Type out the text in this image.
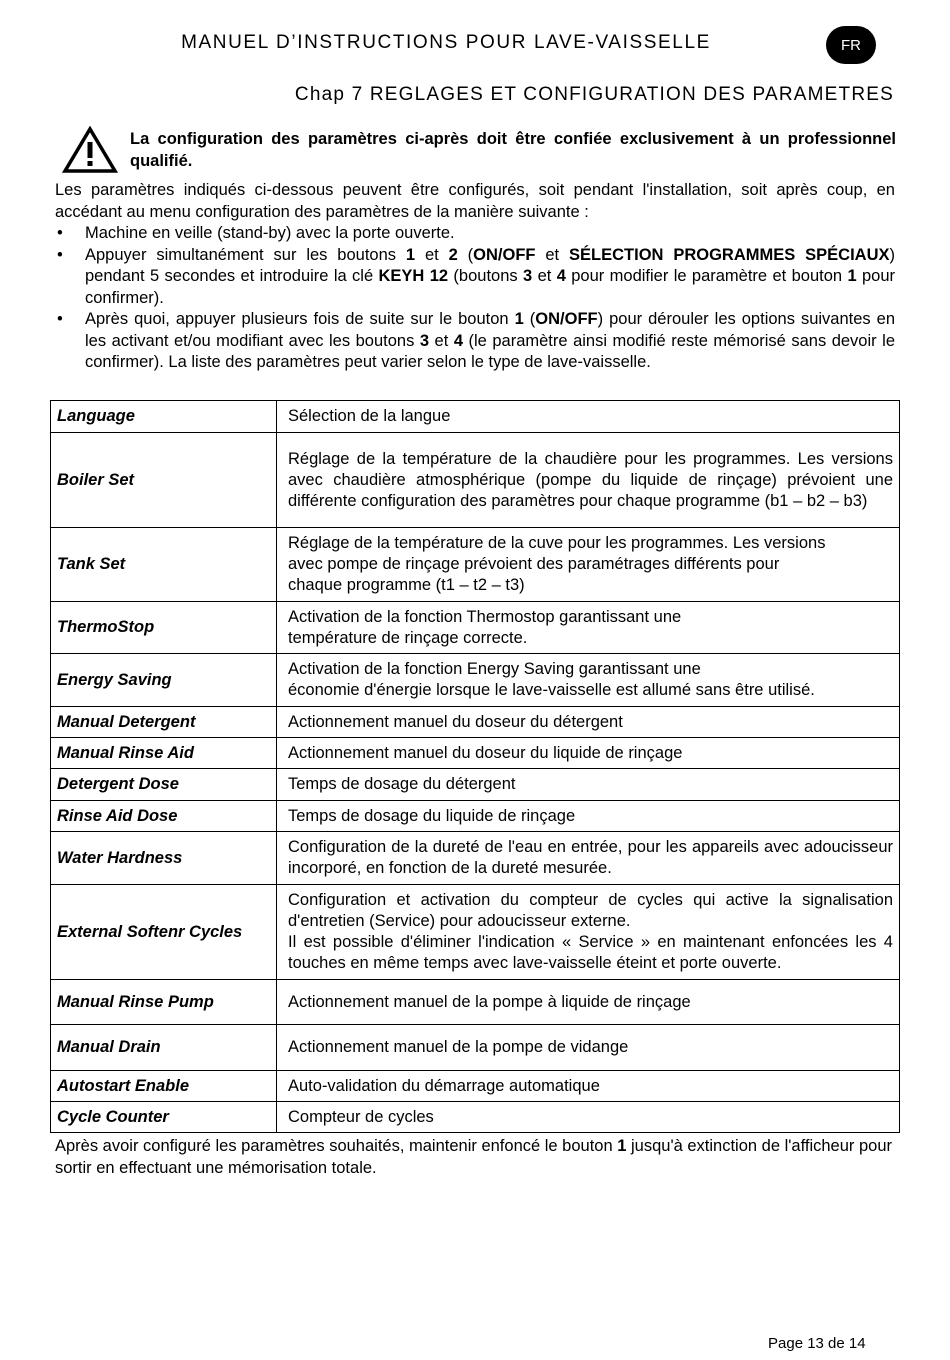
MANUEL D’INSTRUCTIONS POUR LAVE-VAISSELLE	FR
Chap 7 REGLAGES ET CONFIGURATION DES PARAMETRES
La configuration des paramètres ci-après doit être confiée exclusivement à un professionnel qualifié.

Les paramètres indiqués ci-dessous peuvent être configurés, soit pendant l'installation, soit après coup, en accédant au menu configuration des paramètres de la manière suivante :

• Machine en veille (stand-by) avec la porte ouverte.
• Appuyer simultanément sur les boutons 1 et 2 (ON/OFF et SÉLECTION PROGRAMMES SPÉCIAUX) pendant 5 secondes et introduire la clé KEYH 12 (boutons 3 et 4 pour modifier le paramètre et bouton 1 pour confirmer).
• Après quoi, appuyer plusieurs fois de suite sur le bouton 1 (ON/OFF) pour dérouler les options suivantes en les activant et/ou modifiant avec les boutons 3 et 4 (le paramètre ainsi modifié reste mémorisé sans devoir le confirmer). La liste des paramètres peut varier selon le type de lave-vaisselle.
Language	Sélection de la langue

Boiler Set	Réglage de la température de la chaudière pour les programmes. Les versions avec chaudière atmosphérique (pompe du liquide de rinçage) prévoient une différente configuration des paramètres pour chaque programme (b1 – b2 – b3)

Tank Set	Réglage de la température de la cuve pour les programmes. Les versions
avec pompe de rinçage prévoient des paramétrages différents pour
chaque programme (t1 – t2 – t3)

ThermoStop	Activation de la fonction Thermostop garantissant une
température de rinçage correcte.

Energy Saving	Activation de la fonction Energy Saving garantissant une
économie d'énergie lorsque le lave-vaisselle est allumé sans être utilisé.

Manual Detergent	Actionnement manuel du doseur du détergent

Manual Rinse Aid	Actionnement manuel du doseur du liquide de rinçage

Detergent Dose	Temps de dosage du détergent

Rinse Aid Dose	Temps de dosage du liquide de rinçage

Water Hardness	Configuration de la dureté de l'eau en entrée, pour les appareils avec adoucisseur incorporé, en fonction de la dureté mesurée.

External Softenr Cycles	Configuration et activation du compteur de cycles qui active la signalisation d'entretien (Service) pour adoucisseur externe.
Il est possible d'éliminer l'indication « Service » en maintenant enfoncées les 4 touches en même temps avec lave-vaisselle éteint et porte ouverte.

Manual Rinse Pump	Actionnement manuel de la pompe à liquide de rinçage

Manual Drain	Actionnement manuel de la pompe de vidange

Autostart Enable	Auto-validation du démarrage automatique

Cycle Counter	Compteur de cycles
Après avoir configuré les paramètres souhaités, maintenir enfoncé le bouton 1 jusqu'à extinction de l'afficheur pour sortir en effectuant une mémorisation totale.
Page 13 de 14
